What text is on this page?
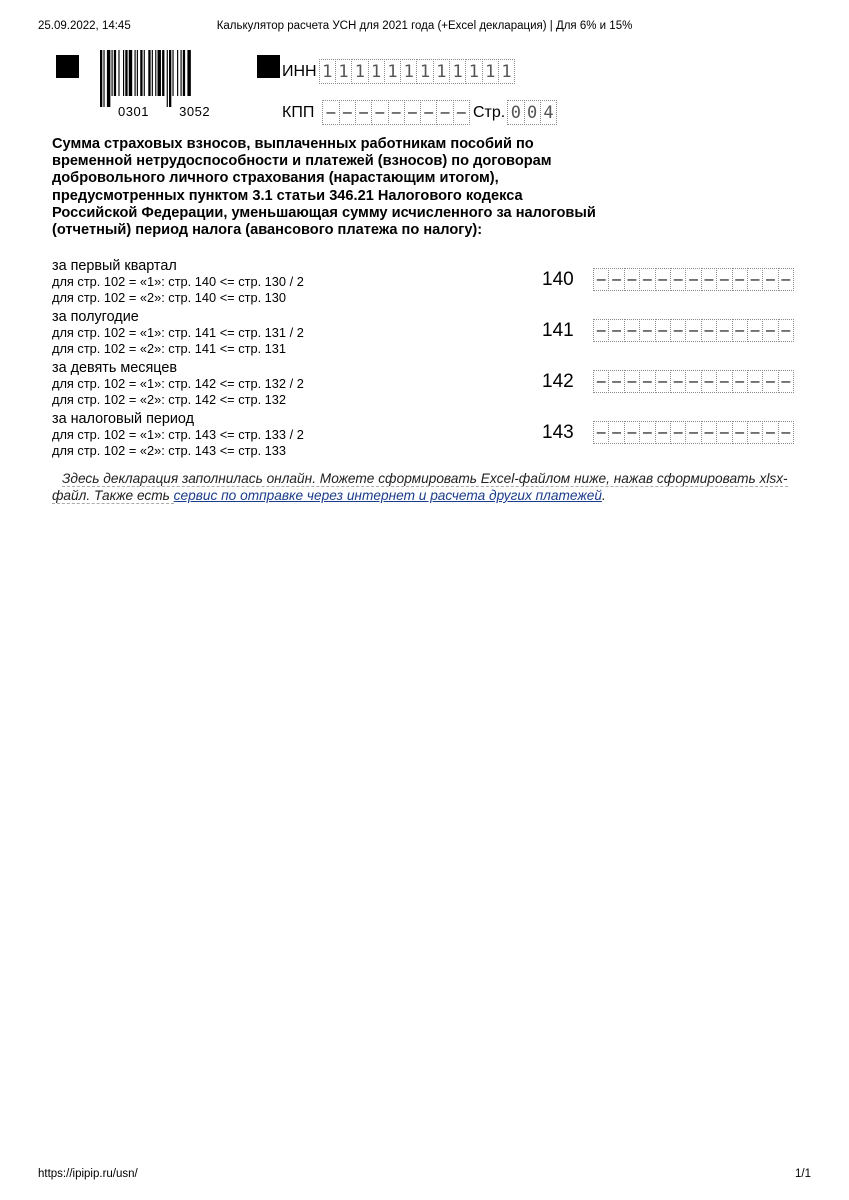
25.09.2022, 14:45	Калькулятор расчета УСН для 2021 года (+Excel декларация) | Для 6% и 15%
0301 3052
ИНН 1 1 1 1 1 1 1 1 1 1 1 1
КПП – – – – – – – – – Стр. 0 0 4
Сумма страховых взносов, выплаченных работникам пособий по временной нетрудоспособности и платежей (взносов) по договорам добровольного личного страхования (нарастающим итогом), предусмотренных пунктом 3.1 статьи 346.21 Налогового кодекса Российской Федерации, уменьшающая сумму исчисленного за налоговый (отчетный) период налога (авансового платежа по налогу):
за первый квартал
для стр. 102 = «1»: стр. 140 <= стр. 130 / 2
для стр. 102 = «2»: стр. 140 <= стр. 130
140 – – – – – – – – – – – – –
за полугодие
для стр. 102 = «1»: стр. 141 <= стр. 131 / 2
для стр. 102 = «2»: стр. 141 <= стр. 131
141 – – – – – – – – – – – – –
за девять месяцев
для стр. 102 = «1»: стр. 142 <= стр. 132 / 2
для стр. 102 = «2»: стр. 142 <= стр. 132
142 – – – – – – – – – – – – –
за налоговый период
для стр. 102 = «1»: стр. 143 <= стр. 133 / 2
для стр. 102 = «2»: стр. 143 <= стр. 133
143 – – – – – – – – – – – – –
Здесь декларация заполнилась онлайн. Можете сформировать Excel-файлом ниже, нажав сформировать xlsx-файл. Также есть сервис по отправке через интернет и расчета других платежей.
https://ipipip.ru/usn/	1/1
